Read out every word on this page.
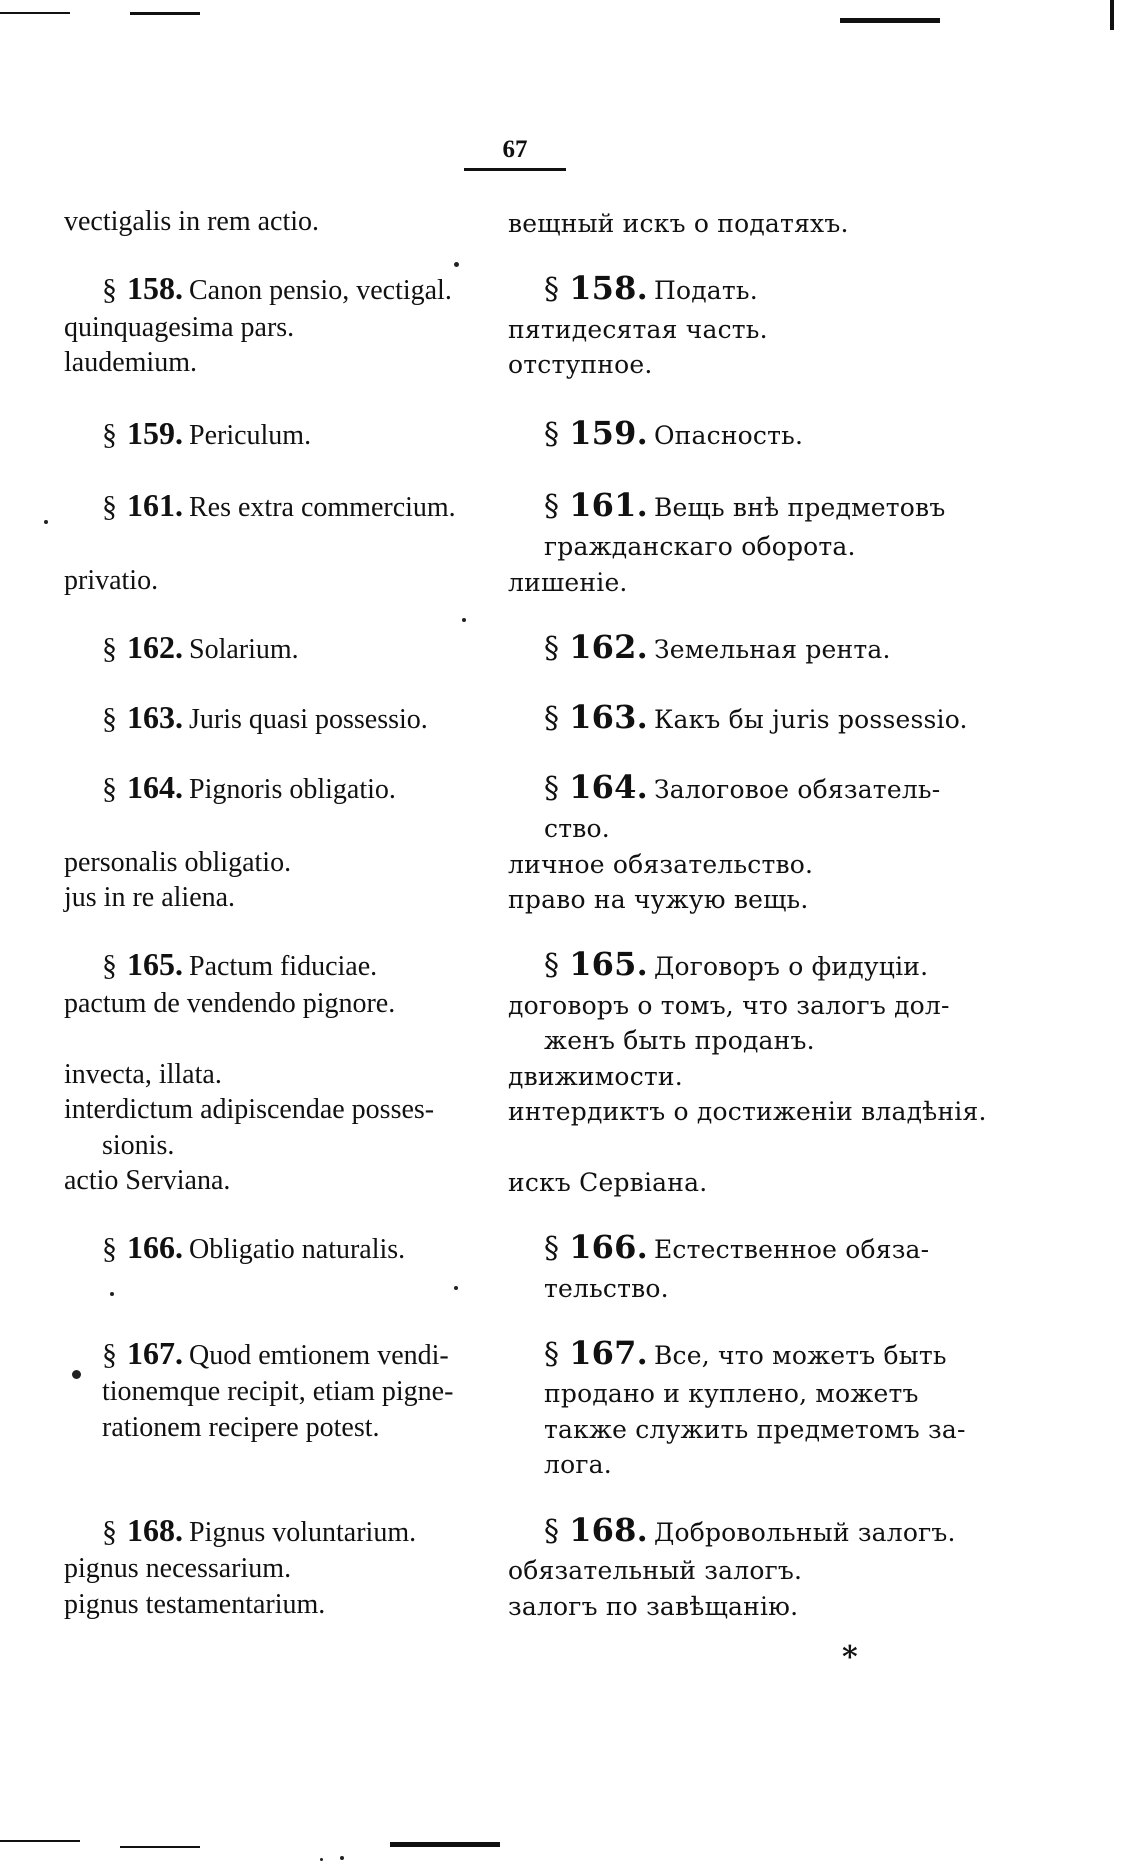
67
vectigalis in rem actio.	вещный искъ о податяхъ.
§ 158. Canon pensio, vectigal.	§ 158. Подать.
quinquagesima pars.	пятидесятая часть.
laudemium.	отступное.
§ 159. Periculum.	§ 159. Опасность.
§ 161. Res extra commercium.	§ 161. Вещь внѣ предметовъ
гражданскаго оборота.
privatio.	лишеніе.
§ 162. Solarium.	§ 162. Земельная рента.
§ 163. Juris quasi possessio.	§ 163. Какъ бы juris possessio.
§ 164. Pignoris obligatio.	§ 164. Залоговое обязатель-
ство.
personalis obligatio.	личное обязательство.
jus in re aliena.	право на чужую вещь.
§ 165. Pactum fiduciae.	§ 165. Договоръ о фидуціи.
pactum de vendendo pignore.	договоръ о томъ, что залогъ дол-
женъ быть проданъ.
invecta, illata.	движимости.
interdictum adipiscendae posses-	интердиктъ о достиженіи владѣнія.
sionis.
actio Serviana.	искъ Сервіана.
§ 166. Obligatio naturalis.	§ 166. Естественное обяза-
тельство.
§ 167. Quod emtionem vendi-	§ 167. Все, что можетъ быть
tionemque recipit, etiam pigne-	продано и куплено, можетъ
rationem recipere potest.	также служить предметомъ за-
лога.
§ 168. Pignus voluntarium.	§ 168. Добровольный залогъ.
pignus necessarium.	обязательный залогъ.
pignus testamentarium.	залогъ по завѣщанію.
*
